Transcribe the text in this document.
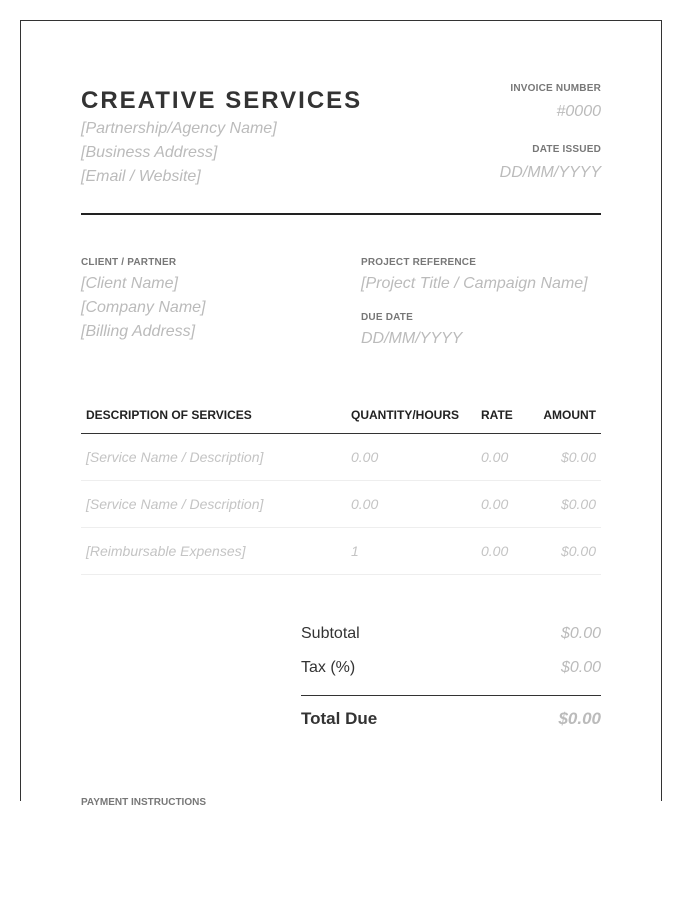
CREATIVE SERVICES
[Partnership/Agency Name]
[Business Address]
[Email / Website]
INVOICE NUMBER
#0000
DATE ISSUED
DD/MM/YYYY
CLIENT / PARTNER
[Client Name]
[Company Name]
[Billing Address]
PROJECT REFERENCE
[Project Title / Campaign Name]
DUE DATE
DD/MM/YYYY
DESCRIPTION OF SERVICES	QUANTITY/HOURS	RATE	AMOUNT
[Service Name / Description]	0.00	0.00	$0.00
[Service Name / Description]	0.00	0.00	$0.00
[Reimbursable Expenses]	1	0.00	$0.00
Subtotal	$0.00
Tax (%)	$0.00
Total Due	$0.00
PAYMENT INSTRUCTIONS
